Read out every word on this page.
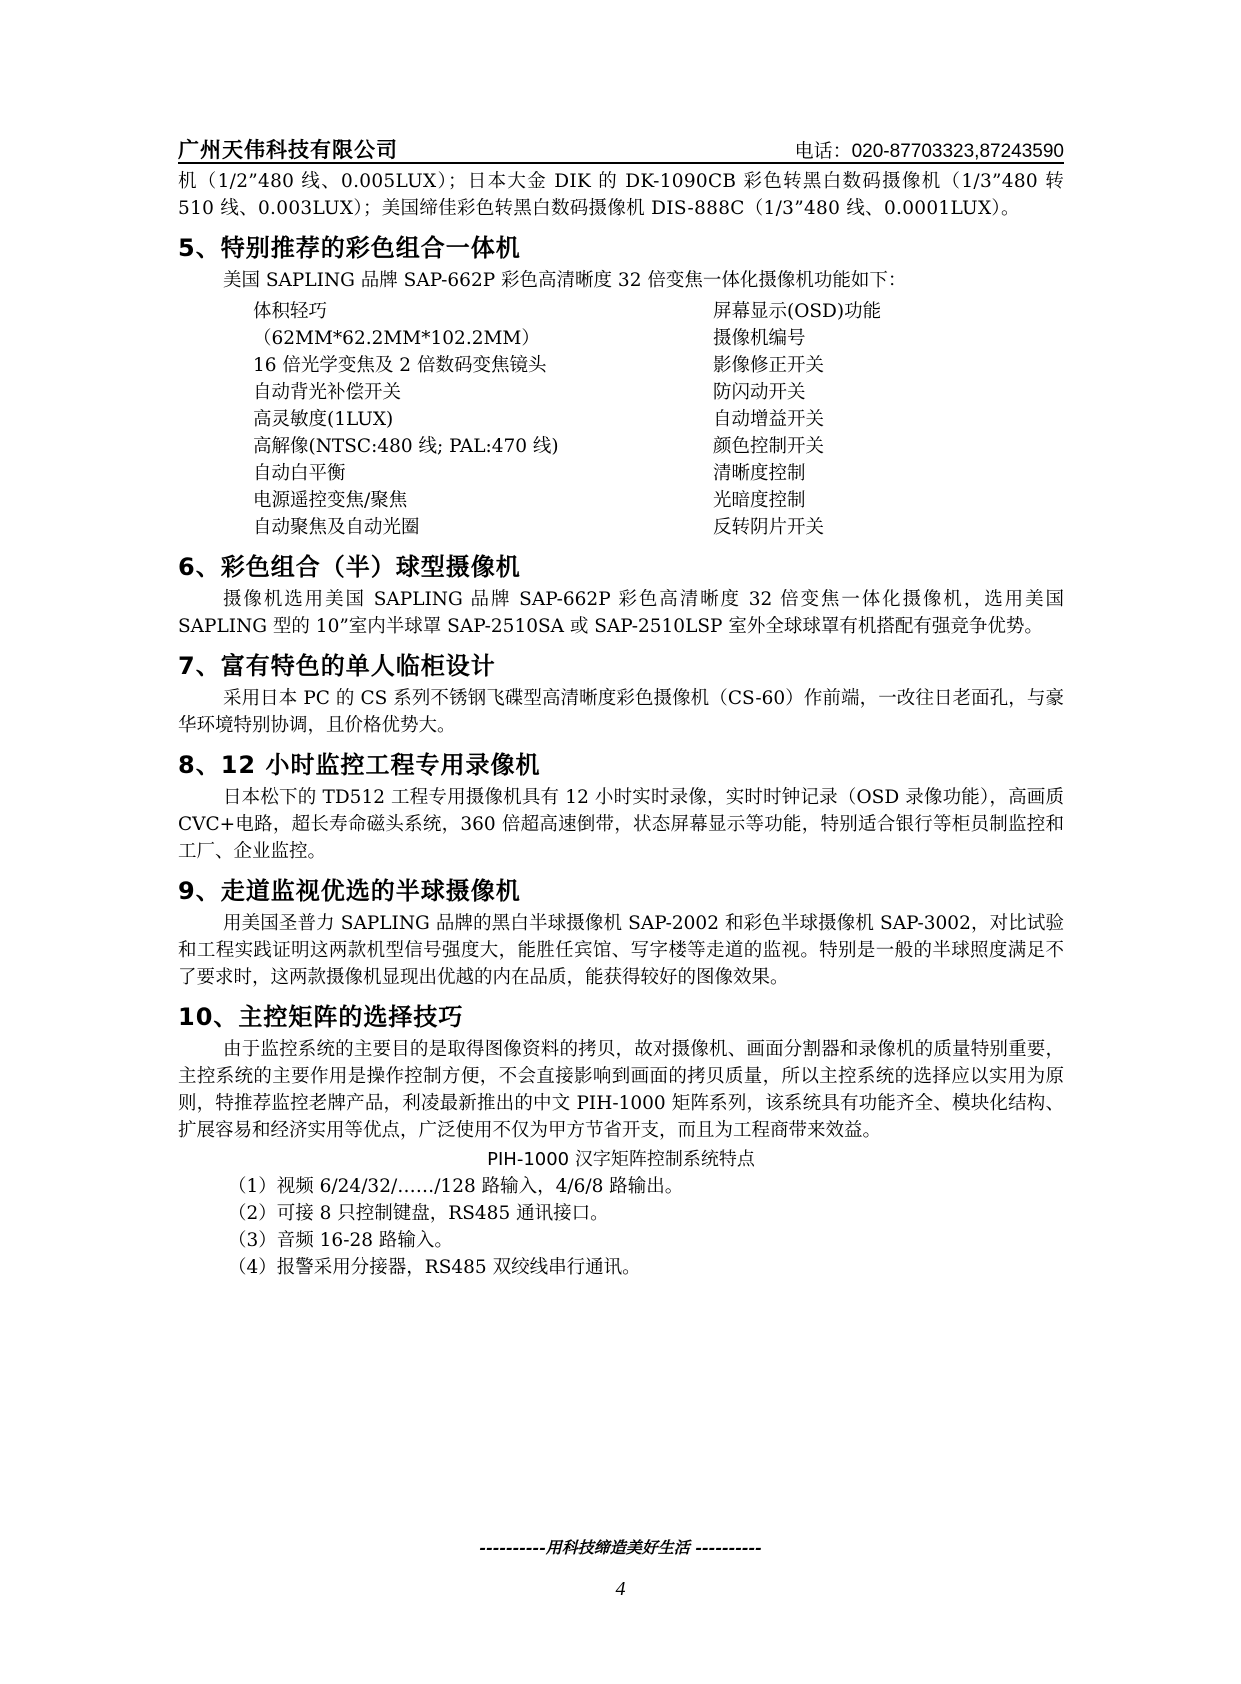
广州天伟科技有限公司	电话：020-87703323,87243590

机（1/2”480 线、0.005LUX）；日本大金 DIK 的 DK-1090CB 彩色转黑白数码摄像机（1/3”480 转 510 线、0.003LUX）；美国缔佳彩色转黑白数码摄像机 DIS-888C（1/3”480 线、0.0001LUX）。

5、特别推荐的彩色组合一体机

美国 SAPLING 品牌 SAP-662P 彩色高清晰度 32 倍变焦一体化摄像机功能如下：

体积轻巧	屏幕显示(OSD)功能
（62MM*62.2MM*102.2MM）	摄像机编号
16 倍光学变焦及 2 倍数码变焦镜头	影像修正开关
自动背光补偿开关	防闪动开关
高灵敏度(1LUX)	自动增益开关
高解像(NTSC:480 线; PAL:470 线)	颜色控制开关
自动白平衡	清晰度控制
电源遥控变焦/聚焦	光暗度控制
自动聚焦及自动光圈	反转阴片开关
6、彩色组合（半）球型摄像机

摄像机选用美国 SAPLING 品牌 SAP-662P 彩色高清晰度 32 倍变焦一体化摄像机，选用美国 SAPLING 型的 10”室内半球罩 SAP-2510SA 或 SAP-2510LSP 室外全球球罩有机搭配有强竞争优势。

7、富有特色的单人临柜设计

采用日本 PC 的 CS 系列不锈钢飞碟型高清晰度彩色摄像机（CS-60）作前端，一改往日老面孔，与豪华环境特别协调，且价格优势大。

8、12 小时监控工程专用录像机

日本松下的 TD512 工程专用摄像机具有 12 小时实时录像，实时时钟记录（OSD 录像功能），高画质 CVC+电路，超长寿命磁头系统，360 倍超高速倒带，状态屏幕显示等功能，特别适合银行等柜员制监控和工厂、企业监控。

9、走道监视优选的半球摄像机

用美国圣普力 SAPLING 品牌的黑白半球摄像机 SAP-2002 和彩色半球摄像机 SAP-3002，对比试验和工程实践证明这两款机型信号强度大，能胜任宾馆、写字楼等走道的监视。特别是一般的半球照度满足不了要求时，这两款摄像机显现出优越的内在品质，能获得较好的图像效果。

10、主控矩阵的选择技巧

由于监控系统的主要目的是取得图像资料的拷贝，故对摄像机、画面分割器和录像机的质量特别重要，主控系统的主要作用是操作控制方便，不会直接影响到画面的拷贝质量，所以主控系统的选择应以实用为原则，特推荐监控老牌产品，利凌最新推出的中文 PIH-1000 矩阵系列，该系统具有功能齐全、模块化结构、扩展容易和经济实用等优点，广泛使用不仅为甲方节省开支，而且为工程商带来效益。

PIH-1000 汉字矩阵控制系统特点

（1）视频 6/24/32/……/128 路输入，4/6/8 路输出。
（2）可接 8 只控制键盘，RS485 通讯接口。
（3）音频 16-28 路输入。
（4）报警采用分接器，RS485 双绞线串行通讯。
----------用科技缔造美好生活 ----------
4
